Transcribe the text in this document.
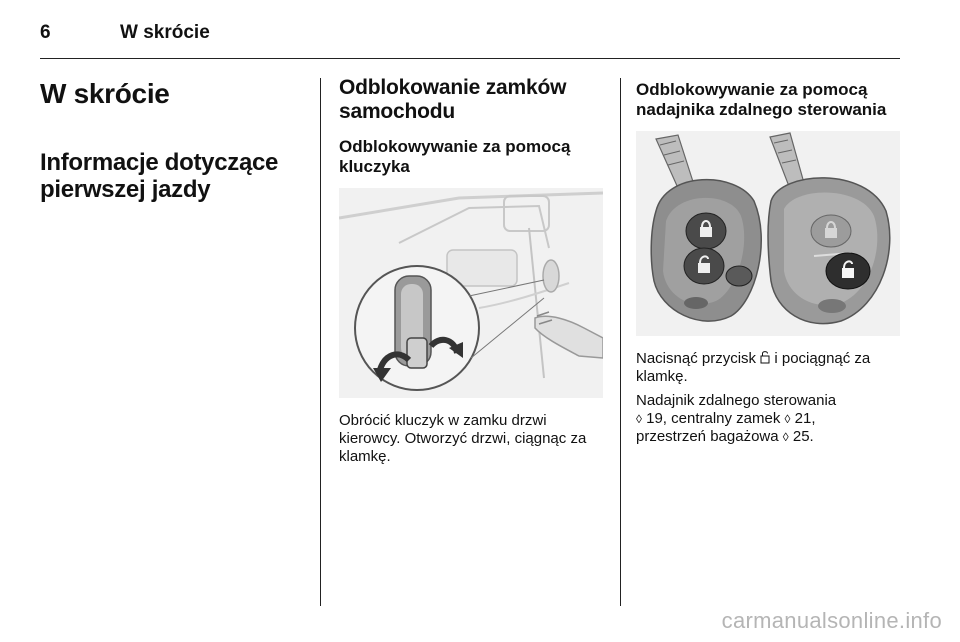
6	W skrócie
W skrócie
Informacje dotyczące pierwszej jazdy
Odblokowanie zamków samochodu
Odblokowywanie za pomocą kluczyka

Obrócić kluczyk w zamku drzwi kierowcy. Otworzyć drzwi, ciągnąc za klamkę.

Odblokowywanie za pomocą nadajnika zdalnego sterowania

Nacisnąć przycisk i pociągnąć za klamkę.

Nadajnik zdalnego sterowania
◊ 19, centralny zamek ◊ 21,
przestrzeń bagażowa ◊ 25.

carmanualsonline.info
